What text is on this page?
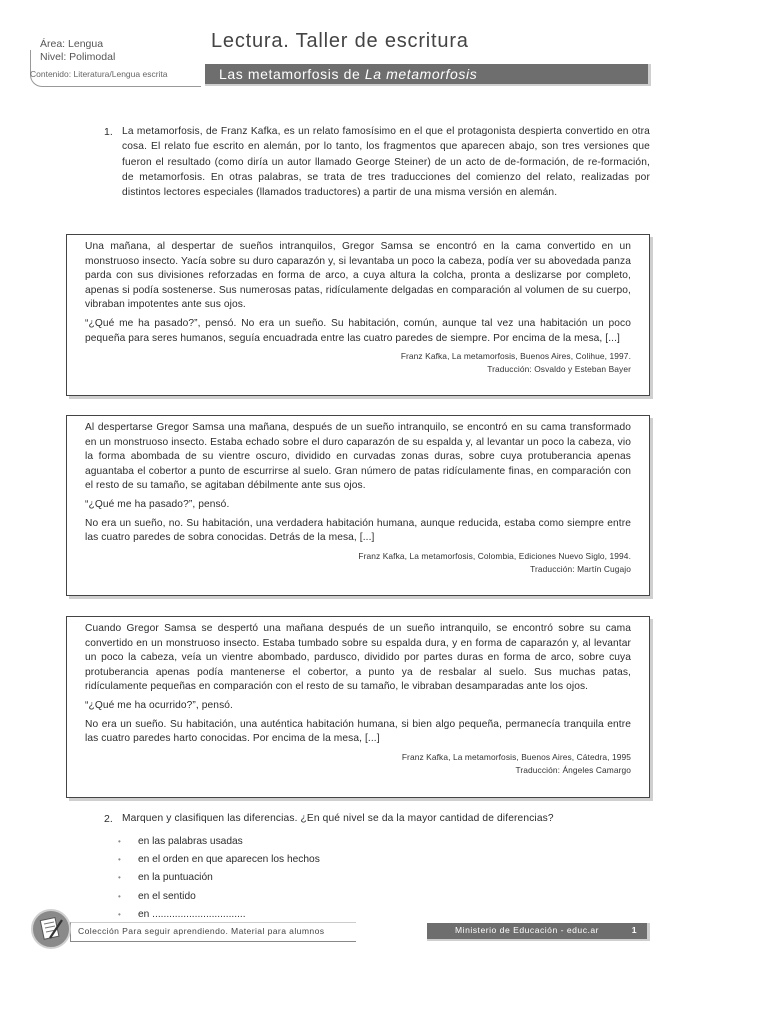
Área: Lengua
Nivel: Polimodal
Contenido: Literatura/Lengua escrita
Lectura. Taller de escritura
Las metamorfosis de La metamorfosis
1. La metamorfosis, de Franz Kafka, es un relato famosísimo en el que el protagonista despierta convertido en otra cosa. El relato fue escrito en alemán, por lo tanto, los fragmentos que aparecen abajo, son tres versiones que fueron el resultado (como diría un autor llamado George Steiner) de un acto de de-formación, de re-formación, de metamorfosis. En otras palabras, se trata de tres traducciones del comienzo del relato, realizadas por distintos lectores especiales (llamados traductores) a partir de una misma versión en alemán.

Una mañana, al despertar de sueños intranquilos, Gregor Samsa se encontró en la cama convertido en un monstruoso insecto. Yacía sobre su duro caparazón y, si levantaba un poco la cabeza, podía ver su abovedada panza parda con sus divisiones reforzadas en forma de arco, a cuya altura la colcha, pronta a deslizarse por completo, apenas si podía sostenerse. Sus numerosas patas, ridículamente delgadas en comparación al volumen de su cuerpo, vibraban impotentes ante sus ojos.

“¿Qué me ha pasado?”, pensó. No era un sueño. Su habitación, común, aunque tal vez una habitación un poco pequeña para seres humanos, seguía encuadrada entre las cuatro paredes de siempre. Por encima de la mesa, [...]

Franz Kafka, La metamorfosis, Buenos Aires, Colihue, 1997.
Traducción: Osvaldo y Esteban Bayer

Al despertarse Gregor Samsa una mañana, después de un sueño intranquilo, se encontró en su cama transformado en un monstruoso insecto. Estaba echado sobre el duro caparazón de su espalda y, al levantar un poco la cabeza, vio la forma abombada de su vientre oscuro, dividido en curvadas zonas duras, sobre cuya protuberancia apenas aguantaba el cobertor a punto de escurrirse al suelo. Gran número de patas ridículamente finas, en comparación con el resto de su tamaño, se agitaban débilmente ante sus ojos.

“¿Qué me ha pasado?”, pensó.

No era un sueño, no. Su habitación, una verdadera habitación humana, aunque reducida, estaba como siempre entre las cuatro paredes de sobra conocidas. Detrás de la mesa, [...]

Franz Kafka, La metamorfosis, Colombia, Ediciones Nuevo Siglo, 1994.
Traducción: Martín Cugajo

Cuando Gregor Samsa se despertó una mañana después de un sueño intranquilo, se encontró sobre su cama convertido en un monstruoso insecto. Estaba tumbado sobre su espalda dura, y en forma de caparazón y, al levantar un poco la cabeza, veía un vientre abombado, pardusco, dividido por partes duras en forma de arco, sobre cuya protuberancia apenas podía mantenerse el cobertor, a punto ya de resbalar al suelo. Sus muchas patas, ridículamente pequeñas en comparación con el resto de su tamaño, le vibraban desamparadas ante los ojos.

“¿Qué me ha ocurrido?”, pensó.

No era un sueño. Su habitación, una auténtica habitación humana, si bien algo pequeña, permanecía tranquila entre las cuatro paredes harto conocidas. Por encima de la mesa, [...]

Franz Kafka, La metamorfosis, Buenos Aires, Cátedra, 1995
Traducción: Ángeles Camargo
2. Marquen y clasifiquen las diferencias. ¿En qué nivel se da la mayor cantidad de diferencias?
• en las palabras usadas
• en el orden en que aparecen los hechos
• en la puntuación
• en el sentido
• en .................................
Colección Para seguir aprendiendo. Material para alumnos	Ministerio de Educación - educ.ar	1
